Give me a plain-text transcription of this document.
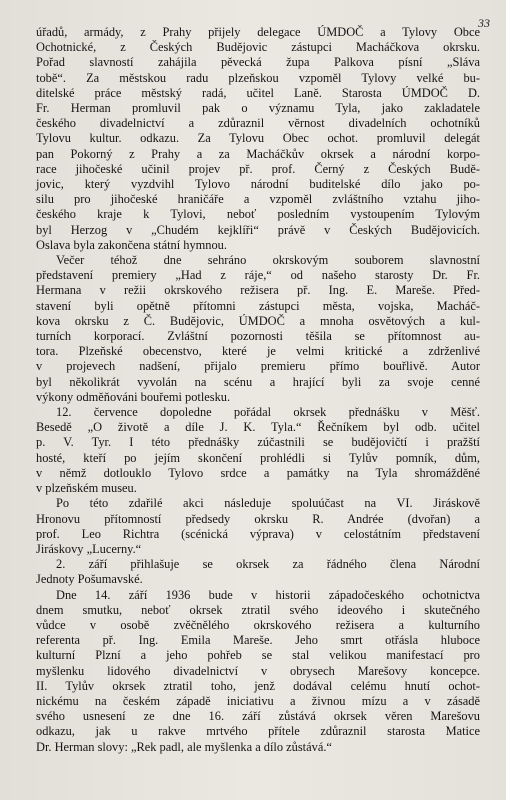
33

úřadů, armády, z Prahy přijely delegace ÚMDOČ a Tylovy Obce
Ochotnické, z Českých Budějovic zástupci Macháčkova okrsku.
Pořad slavností zahájila pěvecká župa Palkova písní „Sláva
tobě“. Za městskou radu plzeňskou vzpoměl Tylovy velké bu-
ditelské práce městský radá, učitel Laně. Starosta ÚMDOČ D.
Fr. Herman promluvil pak o významu Tyla, jako zakladatele
českého divadelnictví a zdůraznil věrnost divadelních ochotníků
Tylovu kultur. odkazu. Za Tylovu Obec ochot. promluvil delegát
pan Pokorný z Prahy a za Macháčkův okrsek a národní korpo-
race jihočeské učinil projev př. prof. Černý z Českých Budě-
jovic, který vyzdvihl Tylovo národní buditelské dílo jako po-
silu pro jihočeské hraničáře a vzpoměl zvláštního vztahu jiho-
českého kraje k Tylovi, neboť posledním vystoupením Tylovým
byl Herzog v „Chudém kejklíři“ právě v Českých Budějovicích.
Oslava byla zakončena státní hymnou.

Večer téhož dne sehráno okrskovým souborem slavnostní
představení premiery „Had z ráje,“ od našeho starosty Dr. Fr.
Hermana v režii okrskového režisera př. Ing. E. Mareše. Před-
stavení byli opětně přítomni zástupci města, vojska, Macháč-
kova okrsku z Č. Budějovic, ÚMDOČ a mnoha osvětových a kul-
turních korporací. Zvláštní pozornosti těšila se přítomnost au-
tora. Plzeňské obecenstvo, které je velmi kritické a zdrženlivé
v projevech nadšení, přijalo premieru přímo bouřlivě. Autor
byl několikrát vyvolán na scénu a hrající byli za svoje cenné
výkony odměňováni bouřemi potlesku.

12. července dopoledne pořádal okrsek přednášku v Měšť.
Besedě „O životě a díle J. K. Tyla.“ Řečníkem byl odb. učitel
p. V. Tyr. I této přednášky zúčastnili se budějovičtí i pražští
hosté, kteří po jejím skončení prohlédli si Tylův pomník, dům,
v němž dotlouklo Tylovo srdce a památky na Tyla shromážděné
v plzeňském museu.

Po této zdařilé akci následuje spoluúčast na VI. Jiráskově
Hronovu přítomností předsedy okrsku R. Andrée (dvořan) a
prof. Leo Richtra (scénická výprava) v celostátním představení
Jiráskovy „Lucerny.“

2. září přihlašuje se okrsek za řádného člena Národní
Jednoty Pošumavské.

Dne 14. září 1936 bude v historii západočeského ochotnictva
dnem smutku, neboť okrsek ztratil svého ideového i skutečného
vůdce v osobě zvěčnělého okrskového režisera a kulturního
referenta př. Ing. Emila Mareše. Jeho smrt otřásla hluboce
kulturní Plzní a jeho pohřeb se stal velikou manifestací pro
myšlenku lidového divadelnictví v obrysech Marešovy koncepce.
II. Tylův okrsek ztratil toho, jenž dodával celému hnutí ochot-
nickému na českém západě iniciativu a živnou mízu a v zásadě
svého usnesení ze dne 16. září zůstává okrsek věren Marešovu
odkazu, jak u rakve mrtvého přítele zdůraznil starosta Matice
Dr. Herman slovy: „Rek padl, ale myšlenka a dílo zůstává.“
